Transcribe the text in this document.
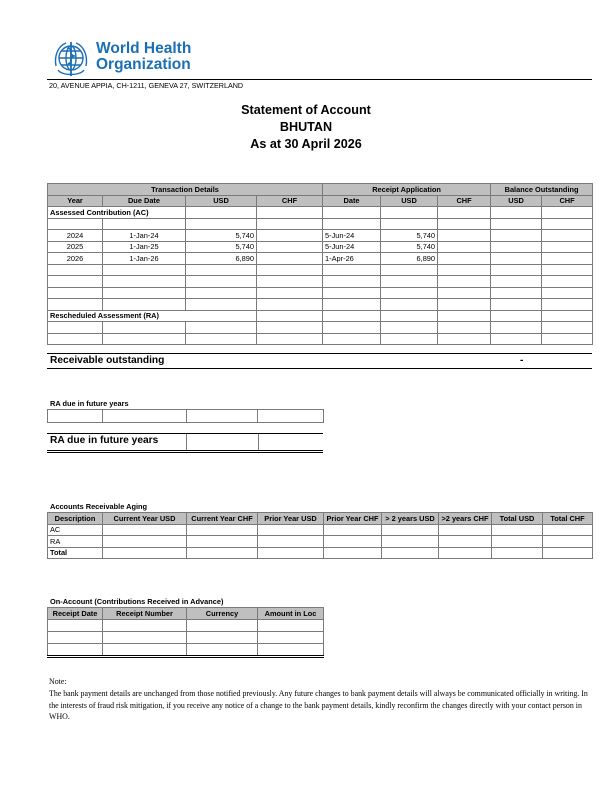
World Health
Organization
20, AVENUE APPIA, CH-1211, GENEVA 27, SWITZERLAND
Statement of Account
BHUTAN
As at 30 April 2026
Transaction Details				Receipt Application			Balance Outstanding	
Year	Due Date	USD	CHF	Date	USD	CHF	USD	CHF
Assessed Contribution (AC)								

2024	1-Jan-24	5,740		5-Jun-24	5,740			
2025	1-Jan-25	5,740		5-Jun-24	5,740			
2026	1-Jan-26	6,890		1-Apr-26	6,890			

Rescheduled Assessment (RA)								

Receivable outstanding	-
RA due in future years

RA due in future years
Accounts Receivable Aging
Description	Current Year USD	Current Year CHF	Prior Year USD	Prior Year CHF	> 2 years USD	>2 years CHF	Total USD	Total CHF
AC								
RA								
Total								
On-Account (Contributions Received in Advance)
Receipt Date	Receipt Number	Currency	Amount in Loc

Note:
The bank payment details are unchanged from those notified previously. Any future changes to bank payment details will always be communicated officially in writing. In the interests of fraud risk mitigation, if you receive any notice of a change to the bank payment details, kindly reconfirm the changes directly with your contact person in WHO.
